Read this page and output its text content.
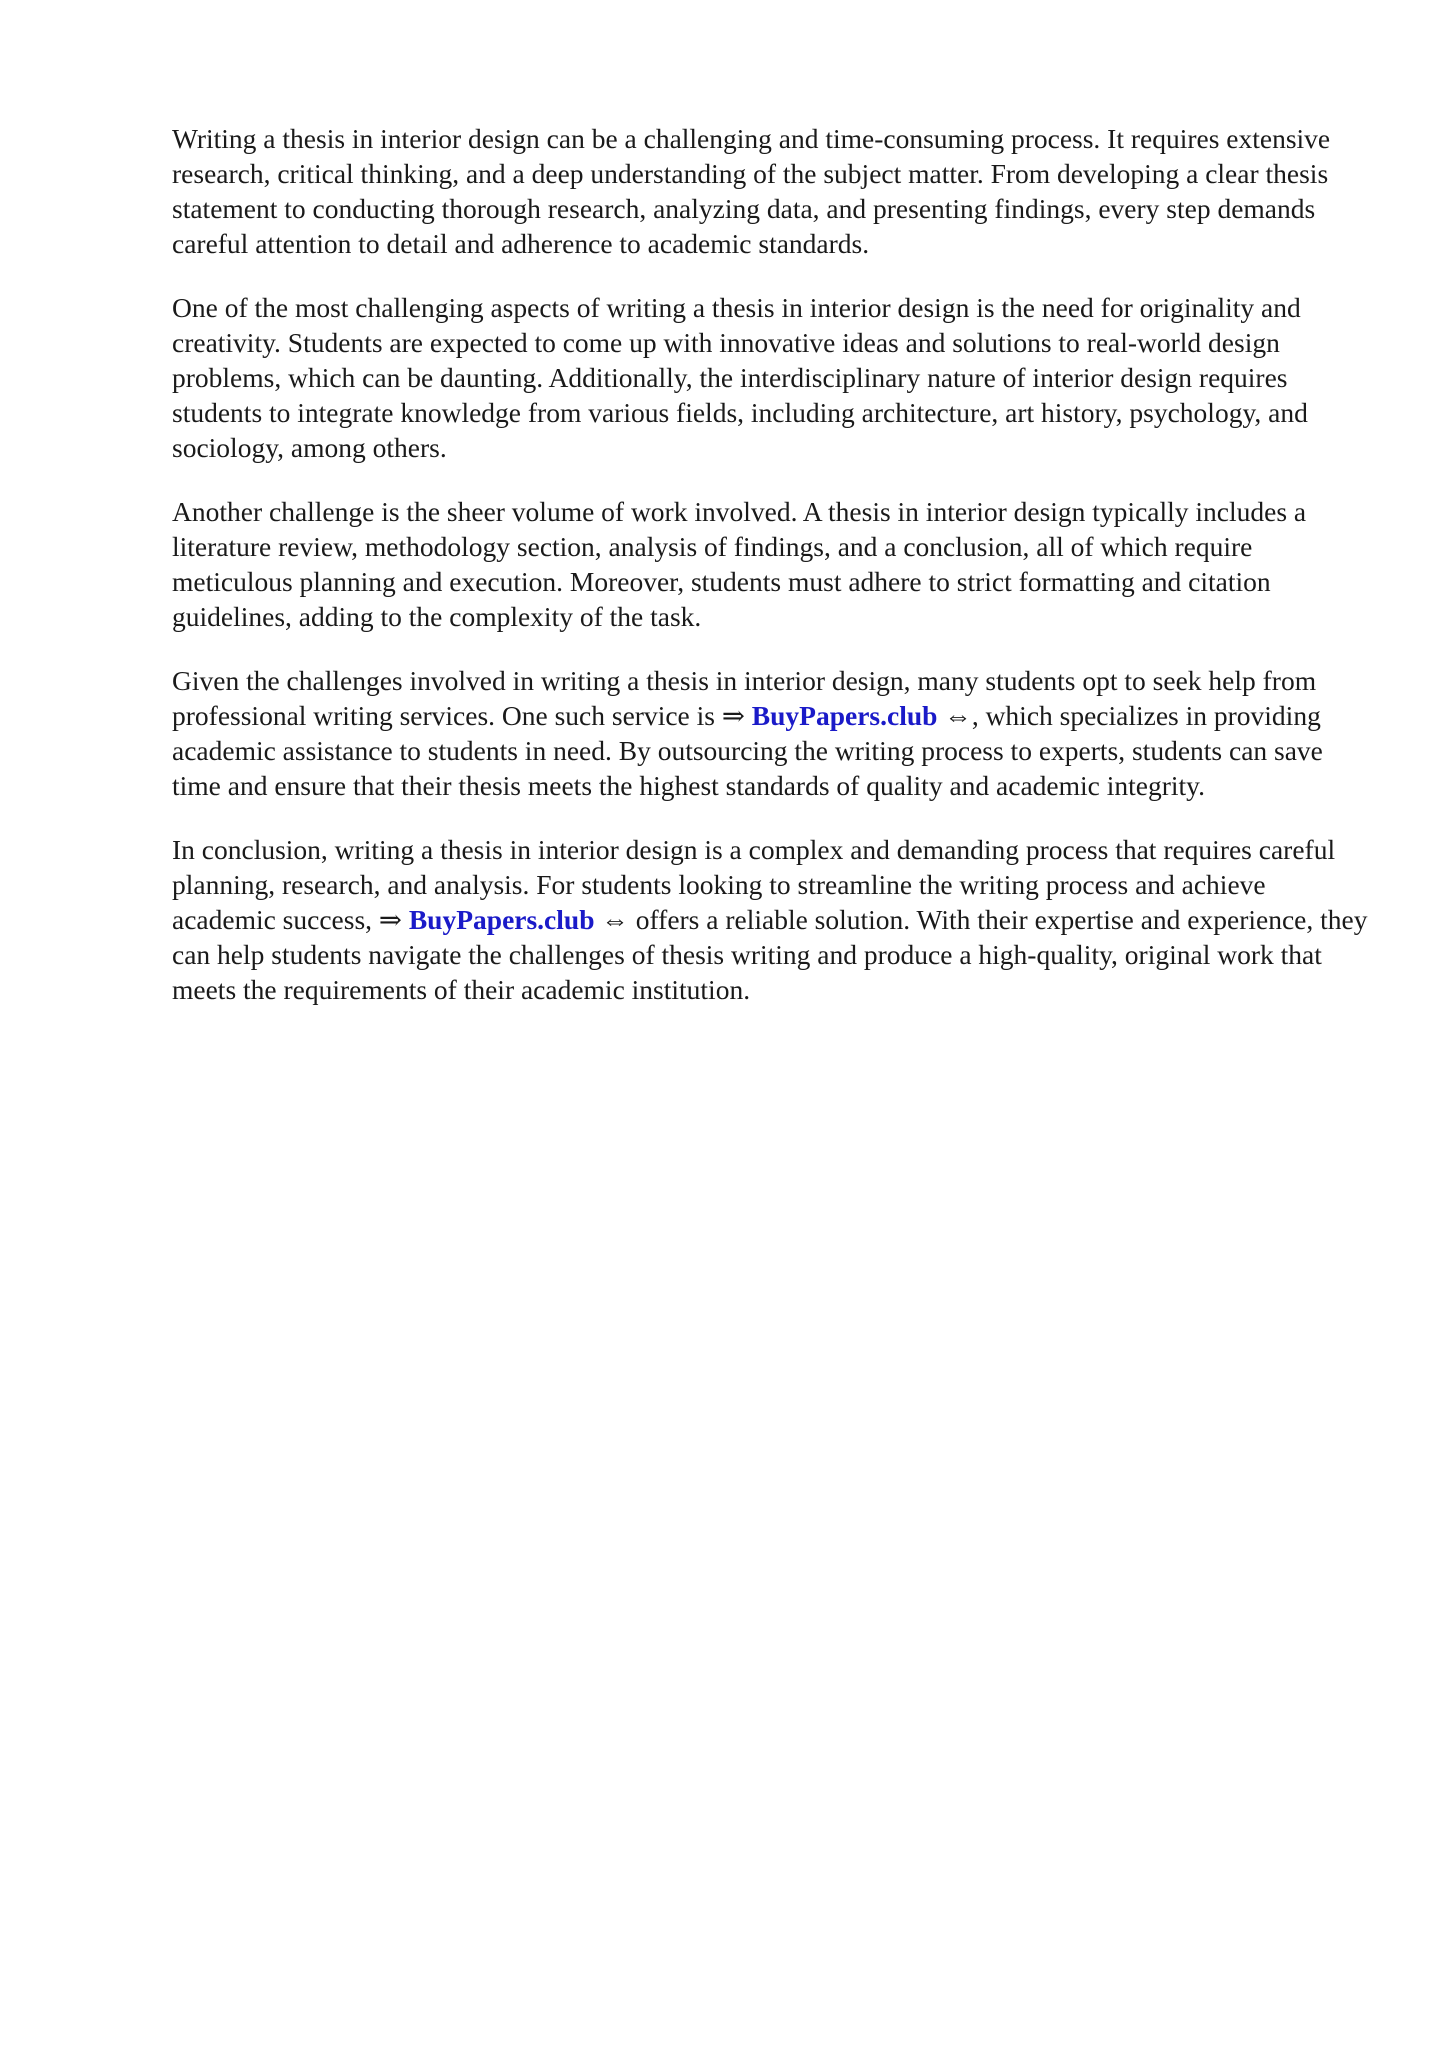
Writing a thesis in interior design can be a challenging and time-consuming process. It requires extensive research, critical thinking, and a deep understanding of the subject matter. From developing a clear thesis statement to conducting thorough research, analyzing data, and presenting findings, every step demands careful attention to detail and adherence to academic standards.

One of the most challenging aspects of writing a thesis in interior design is the need for originality and creativity. Students are expected to come up with innovative ideas and solutions to real-world design problems, which can be daunting. Additionally, the interdisciplinary nature of interior design requires students to integrate knowledge from various fields, including architecture, art history, psychology, and sociology, among others.

Another challenge is the sheer volume of work involved. A thesis in interior design typically includes a literature review, methodology section, analysis of findings, and a conclusion, all of which require meticulous planning and execution. Moreover, students must adhere to strict formatting and citation guidelines, adding to the complexity of the task.

Given the challenges involved in writing a thesis in interior design, many students opt to seek help from professional writing services. One such service is ⇒ BuyPapers.club ⇔, which specializes in providing academic assistance to students in need. By outsourcing the writing process to experts, students can save time and ensure that their thesis meets the highest standards of quality and academic integrity.

In conclusion, writing a thesis in interior design is a complex and demanding process that requires careful planning, research, and analysis. For students looking to streamline the writing process and achieve academic success, ⇒ BuyPapers.club ⇔ offers a reliable solution. With their expertise and experience, they can help students navigate the challenges of thesis writing and produce a high-quality, original work that meets the requirements of their academic institution.
